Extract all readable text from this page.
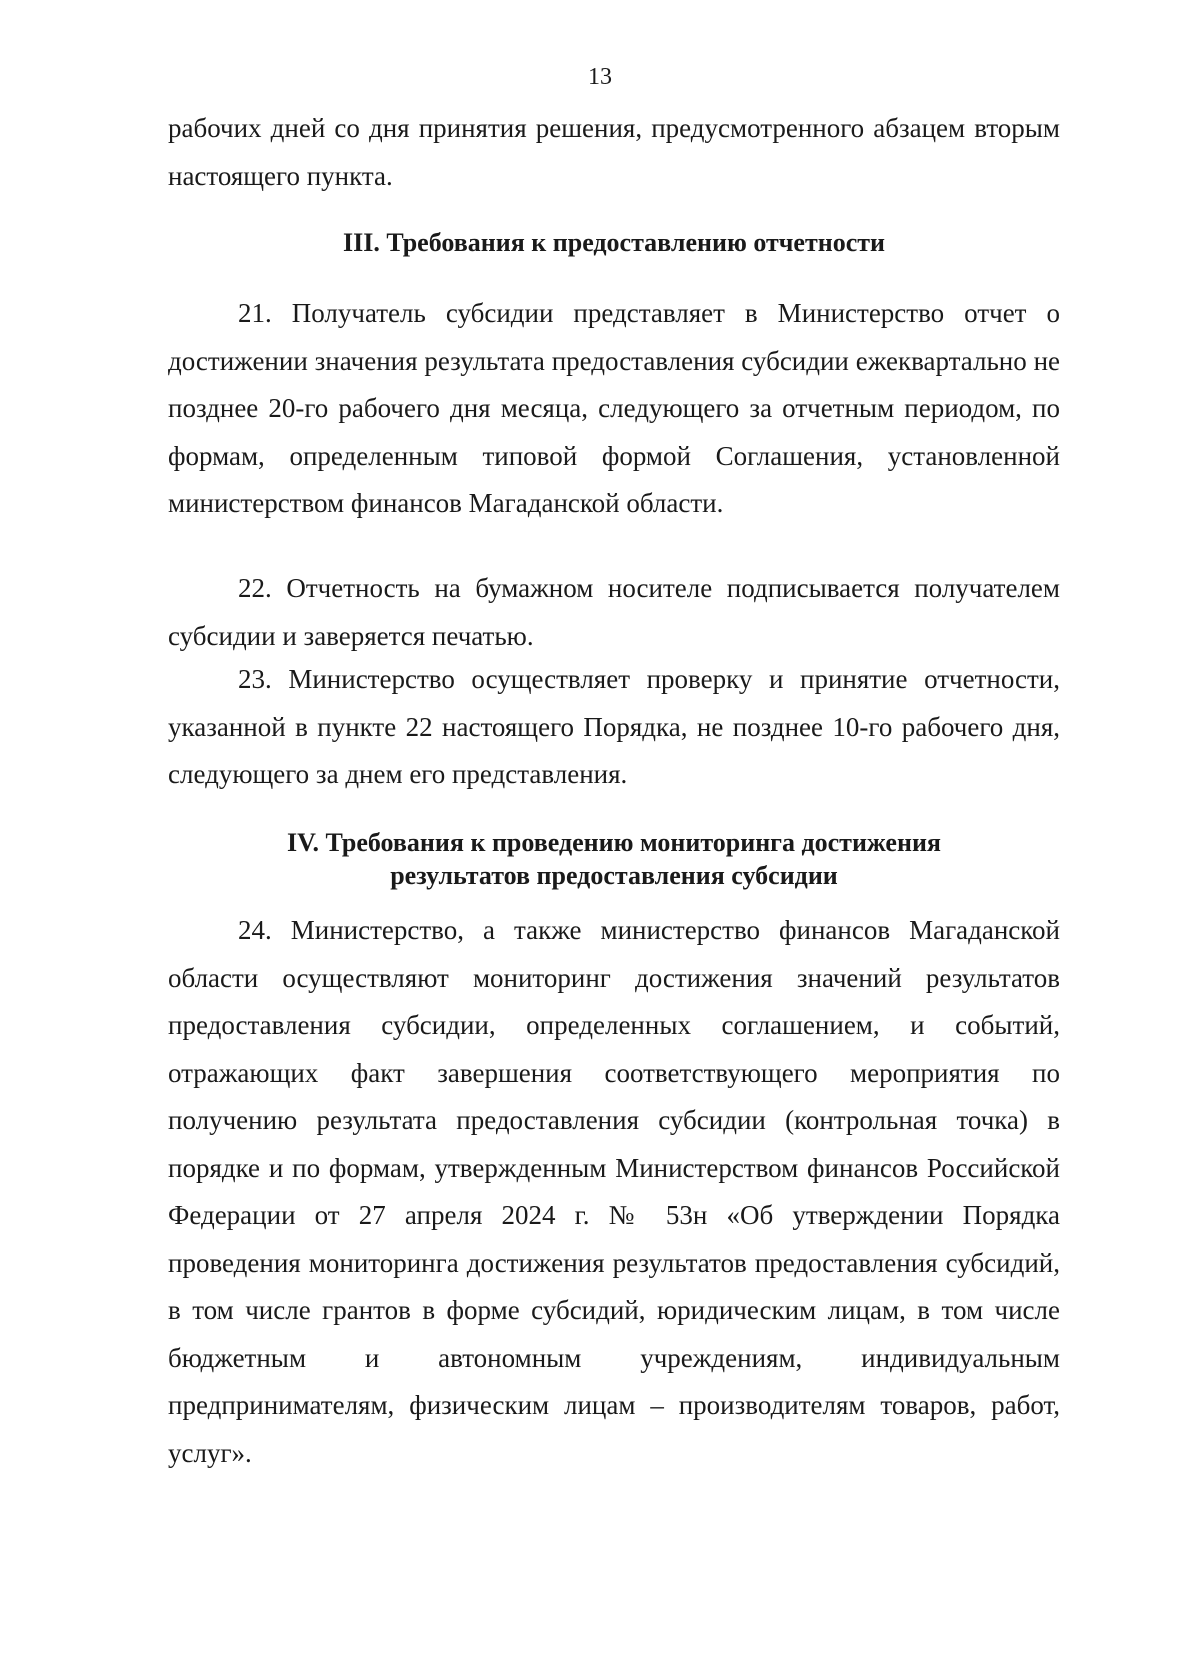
13

рабочих дней со дня принятия решения, предусмотренного абзацем вторым настоящего пункта.

III. Требования к предоставлению отчетности

21. Получатель субсидии представляет в Министерство отчет о достижении значения результата предоставления субсидии ежеквартально не позднее 20-го рабочего дня месяца, следующего за отчетным периодом, по формам, определенным типовой формой Соглашения, установленной министерством финансов Магаданской области.

22. Отчетность на бумажном носителе подписывается получателем субсидии и заверяется печатью.

23. Министерство осуществляет проверку и принятие отчетности, указанной в пункте 22 настоящего Порядка, не позднее 10-го рабочего дня, следующего за днем его представления.

IV. Требования к проведению мониторинга достижения
результатов предоставления субсидии

24. Министерство, а также министерство финансов Магаданской области осуществляют мониторинг достижения значений результатов предоставления субсидии, определенных соглашением, и событий, отражающих факт завершения соответствующего мероприятия по получению результата предоставления субсидии (контрольная точка) в порядке и по формам, утвержденным Министерством финансов Российской Федерации от 27 апреля 2024 г. № 53н «Об утверждении Порядка проведения мониторинга достижения результатов предоставления субсидий, в том числе грантов в форме субсидий, юридическим лицам, в том числе бюджетным и автономным учреждениям, индивидуальным предпринимателям, физическим лицам – производителям товаров, работ, услуг».
